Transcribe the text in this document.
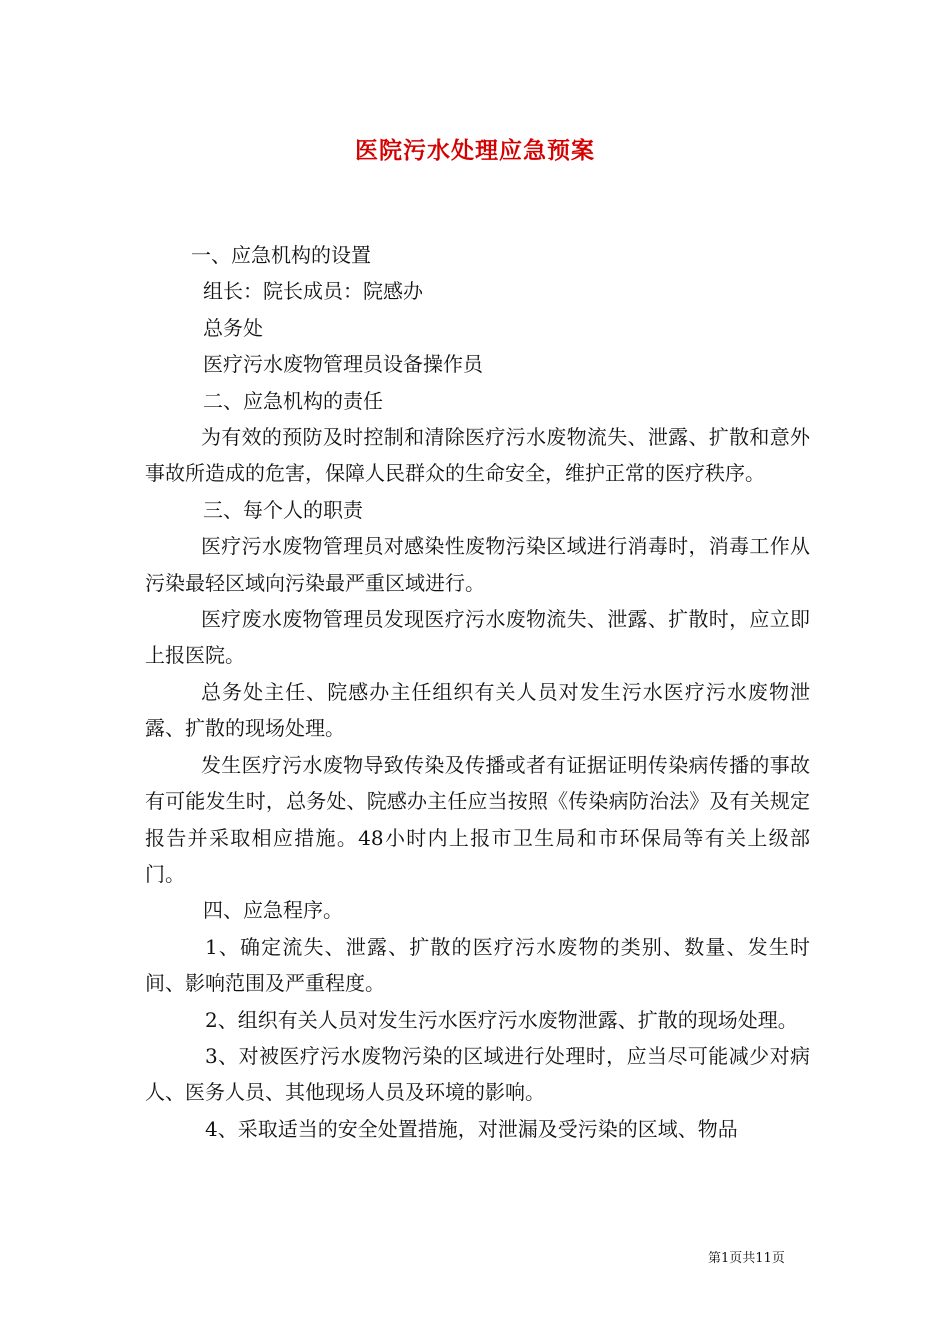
医院污水处理应急预案

一、应急机构的设置

组长：院长成员：院感办

总务处

医疗污水废物管理员设备操作员

二、应急机构的责任

为有效的预防及时控制和清除医疗污水废物流失、泄露、扩散和意外事故所造成的危害，保障人民群众的生命安全，维护正常的医疗秩序。

三、每个人的职责

医疗污水废物管理员对感染性废物污染区域进行消毒时，消毒工作从污染最轻区域向污染最严重区域进行。

医疗废水废物管理员发现医疗污水废物流失、泄露、扩散时，应立即上报医院。

总务处主任、院感办主任组织有关人员对发生污水医疗污水废物泄露、扩散的现场处理。

发生医疗污水废物导致传染及传播或者有证据证明传染病传播的事故有可能发生时，总务处、院感办主任应当按照《传染病防治法》及有关规定报告并采取相应措施。48小时内上报市卫生局和市环保局等有关上级部门。

四、应急程序。

1、确定流失、泄露、扩散的医疗污水废物的类别、数量、发生时间、影响范围及严重程度。

2、组织有关人员对发生污水医疗污水废物泄露、扩散的现场处理。

3、对被医疗污水废物污染的区域进行处理时，应当尽可能减少对病人、医务人员、其他现场人员及环境的影响。

4、采取适当的安全处置措施，对泄漏及受污染的区域、物品

第1页共11页
